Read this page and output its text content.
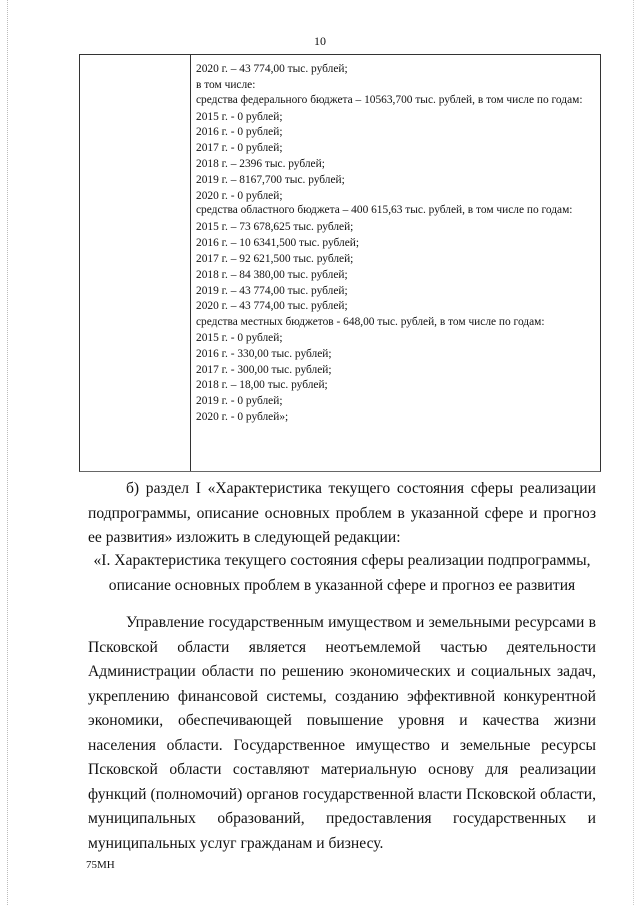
10
2020 г. – 43 774,00 тыс. рублей;
в том числе:
средства федерального бюджета – 10563,700 тыс. рублей, в том числе по годам:
2015 г. - 0 рублей;
2016 г. - 0 рублей;
2017 г. - 0 рублей;
2018 г. – 2396 тыс. рублей;
2019 г. – 8167,700 тыс. рублей;
2020 г. - 0 рублей;
средства областного бюджета – 400 615,63 тыс. рублей, в том числе по годам:
2015 г. – 73 678,625 тыс. рублей;
2016 г. – 10 6341,500 тыс. рублей;
2017 г. – 92 621,500 тыс. рублей;
2018 г. – 84 380,00 тыс. рублей;
2019 г. – 43 774,00 тыс. рублей;
2020 г. – 43 774,00 тыс. рублей;
средства местных бюджетов - 648,00 тыс. рублей, в том числе по годам:
2015 г. - 0 рублей;
2016 г. - 330,00 тыс. рублей;
2017 г. - 300,00 тыс. рублей;
2018 г. – 18,00 тыс. рублей;
2019 г. - 0 рублей;
2020 г. - 0 рублей»;
б) раздел I «Характеристика текущего состояния сферы реализации подпрограммы, описание основных проблем в указанной сфере и прогноз ее развития» изложить в следующей редакции:
«I. Характеристика текущего состояния сферы реализации подпрограммы, описание основных проблем в указанной сфере и прогноз ее развития
Управление государственным имуществом и земельными ресурсами в Псковской области является неотъемлемой частью деятельности Администрации области по решению экономических и социальных задач, укреплению финансовой системы, созданию эффективной конкурентной экономики, обеспечивающей повышение уровня и качества жизни населения области. Государственное имущество и земельные ресурсы Псковской области составляют материальную основу для реализации функций (полномочий) органов государственной власти Псковской области, муниципальных образований, предоставления государственных и муниципальных услуг гражданам и бизнесу.
75МН
